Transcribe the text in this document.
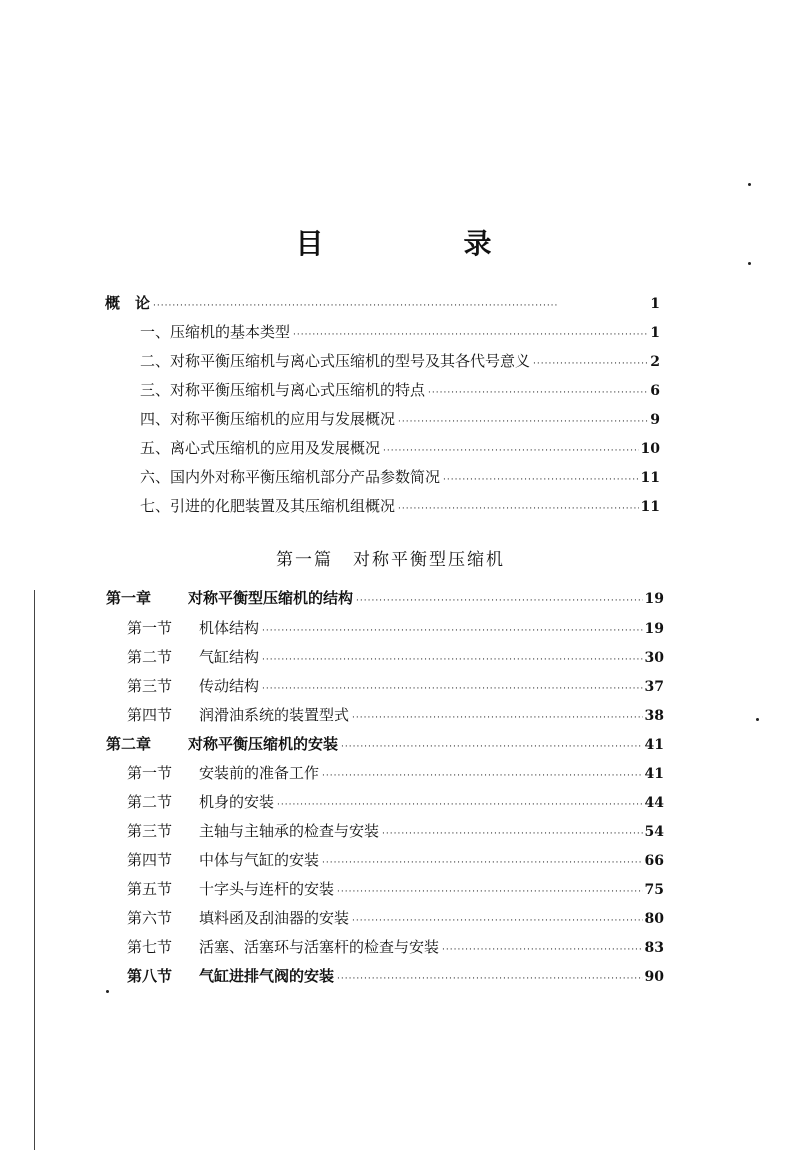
目　录
概　论 ·····	1
一、压缩机的基本类型 ·····	1
二、对称平衡压缩机与离心式压缩机的型号及其各代号意义 ·····	2
三、对称平衡压缩机与离心式压缩机的特点 ·····	6
四、对称平衡压缩机的应用与发展概况 ·····	9
五、离心式压缩机的应用及发展概况 ·····	10
六、国内外对称平衡压缩机部分产品参数简况 ·····	11
七、引进的化肥装置及其压缩机组概况 ·····	11
第一篇 对称平衡型压缩机
第一章 对称平衡型压缩机的结构 ·····	19
第一节 机体结构 ·····	19
第二节 气缸结构 ·····	30
第三节 传动结构 ·····	37
第四节 润滑油系统的装置型式 ·····	38
第二章 对称平衡压缩机的安装 ·····	41
第一节 安装前的准备工作 ·····	41
第二节 机身的安装 ·····	44
第三节 主轴与主轴承的检查与安装 ·····	54
第四节 中体与气缸的安装 ·····	66
第五节 十字头与连杆的安装 ·····	75
第六节 填料函及刮油器的安装 ·····	80
第七节 活塞、活塞环与活塞杆的检查与安装 ·····	83
第八节 气缸进排气阀的安装 ·····	90
